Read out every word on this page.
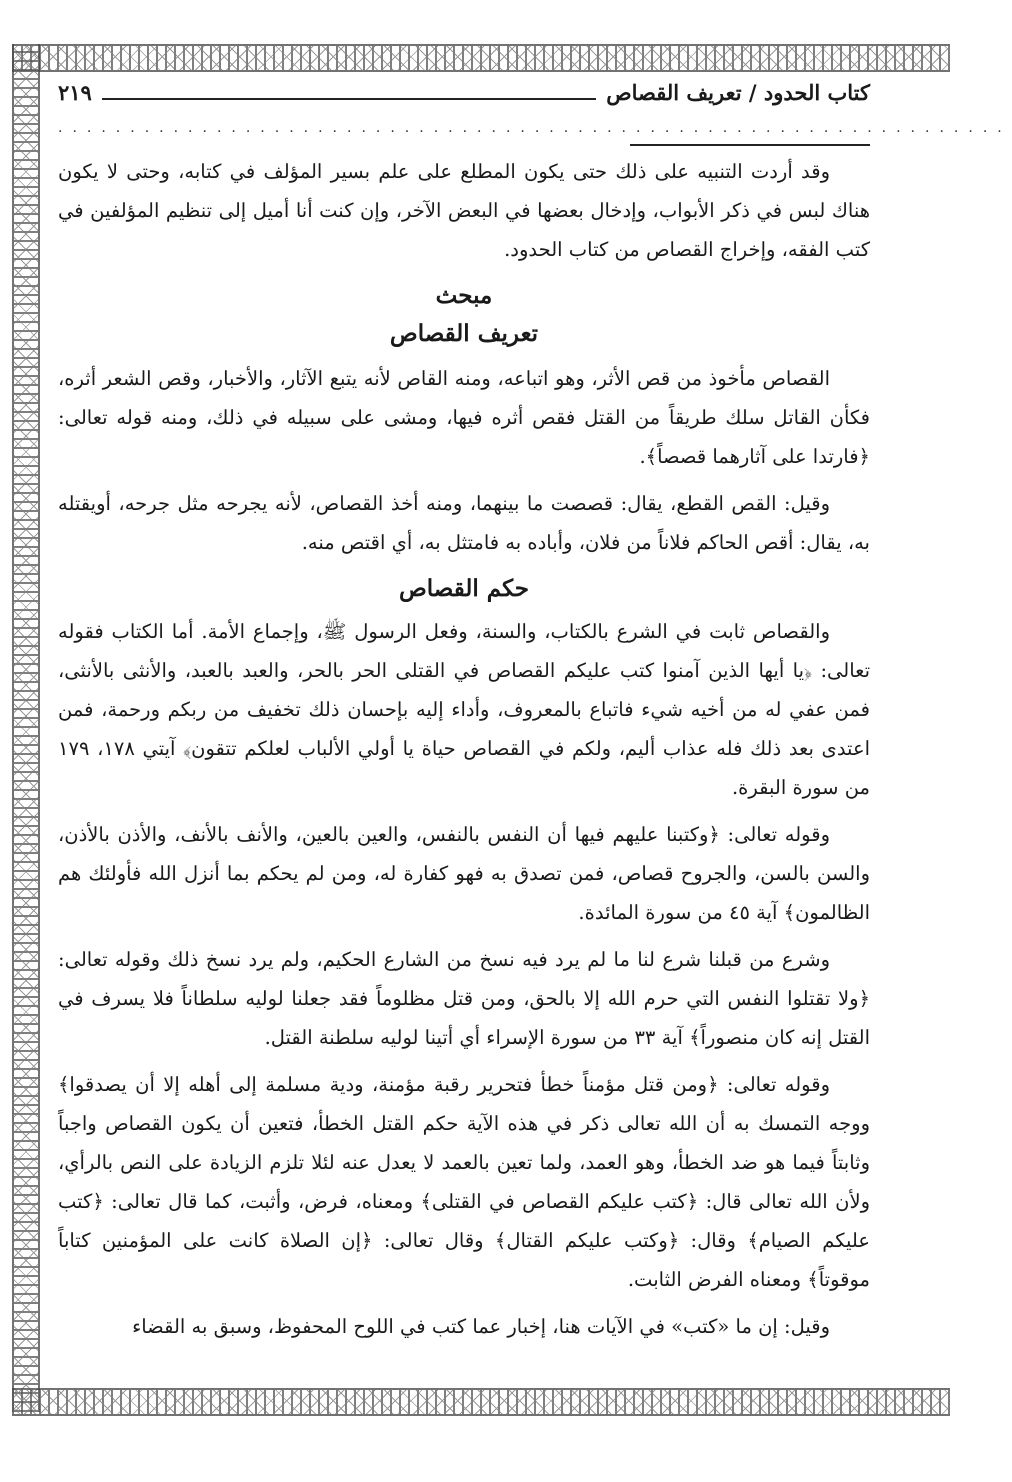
كتاب الحدود / تعريف القصاص
٢١٩
..................................................................

وقد أردت التنبيه على ذلك حتى يكون المطلع على علم بسير المؤلف في كتابه، وحتى لا يكون هناك لبس في ذكر الأبواب، وإدخال بعضها في البعض الآخر، وإن كنت أنا أميل إلى تنظيم المؤلفين في كتب الفقه، وإخراج القصاص من كتاب الحدود.

مبحث
تعريف القصاص

القصاص مأخوذ من قص الأثر، وهو اتباعه، ومنه القاص لأنه يتبع الآثار، والأخبار، وقص الشعر أثره، فكأن القاتل سلك طريقاً من القتل فقص أثره فيها، ومشى على سبيله في ذلك، ومنه قوله تعالى: ﴿فارتدا على آثارهما قصصاً﴾.

وقيل: القص القطع، يقال: قصصت ما بينهما، ومنه أخذ القصاص، لأنه يجرحه مثل جرحه، أويقتله به، يقال: أقص الحاكم فلاناً من فلان، وأباده به فامتثل به، أي اقتص منه.

حكم القصاص

والقصاص ثابت في الشرع بالكتاب، والسنة، وفعل الرسول ﷺ، وإجماع الأمة. أما الكتاب فقوله تعالى: ﴿يا أيها الذين آمنوا كتب عليكم القصاص في القتلى الحر بالحر، والعبد بالعبد، والأنثى بالأنثى، فمن عفي له من أخيه شيء فاتباع بالمعروف، وأداء إليه بإحسان ذلك تخفيف من ربكم ورحمة، فمن اعتدى بعد ذلك فله عذاب أليم، ولكم في القصاص حياة يا أولي الألباب لعلكم تتقون﴾ آيتي ١٧٨، ١٧٩ من سورة البقرة.

وقوله تعالى: ﴿وكتبنا عليهم فيها أن النفس بالنفس، والعين بالعين، والأنف بالأنف، والأذن بالأذن، والسن بالسن، والجروح قصاص، فمن تصدق به فهو كفارة له، ومن لم يحكم بما أنزل الله فأولئك هم الظالمون﴾ آية ٤٥ من سورة المائدة.

وشرع من قبلنا شرع لنا ما لم يرد فيه نسخ من الشارع الحكيم، ولم يرد نسخ ذلك وقوله تعالى: ﴿ولا تقتلوا النفس التي حرم الله إلا بالحق، ومن قتل مظلوماً فقد جعلنا لوليه سلطاناً فلا يسرف في القتل إنه كان منصوراً﴾ آية ٣٣ من سورة الإسراء أي أتينا لوليه سلطنة القتل.

وقوله تعالى: ﴿ومن قتل مؤمناً خطأ فتحرير رقبة مؤمنة، ودية مسلمة إلى أهله إلا أن يصدقوا﴾ ووجه التمسك به أن الله تعالى ذكر في هذه الآية حكم القتل الخطأ، فتعين أن يكون القصاص واجباً وثابتاً فيما هو ضد الخطأ، وهو العمد، ولما تعين بالعمد لا يعدل عنه لئلا تلزم الزيادة على النص بالرأي، ولأن الله تعالى قال: ﴿كتب عليكم القصاص في القتلى﴾ ومعناه، فرض، وأثبت، كما قال تعالى: ﴿كتب عليكم الصيام﴾ وقال: ﴿وكتب عليكم القتال﴾ وقال تعالى: ﴿إن الصلاة كانت على المؤمنين كتاباً موقوتاً﴾ ومعناه الفرض الثابت.

وقيل: إن ما «كتب» في الآيات هنا، إخبار عما كتب في اللوح المحفوظ، وسبق به القضاء
